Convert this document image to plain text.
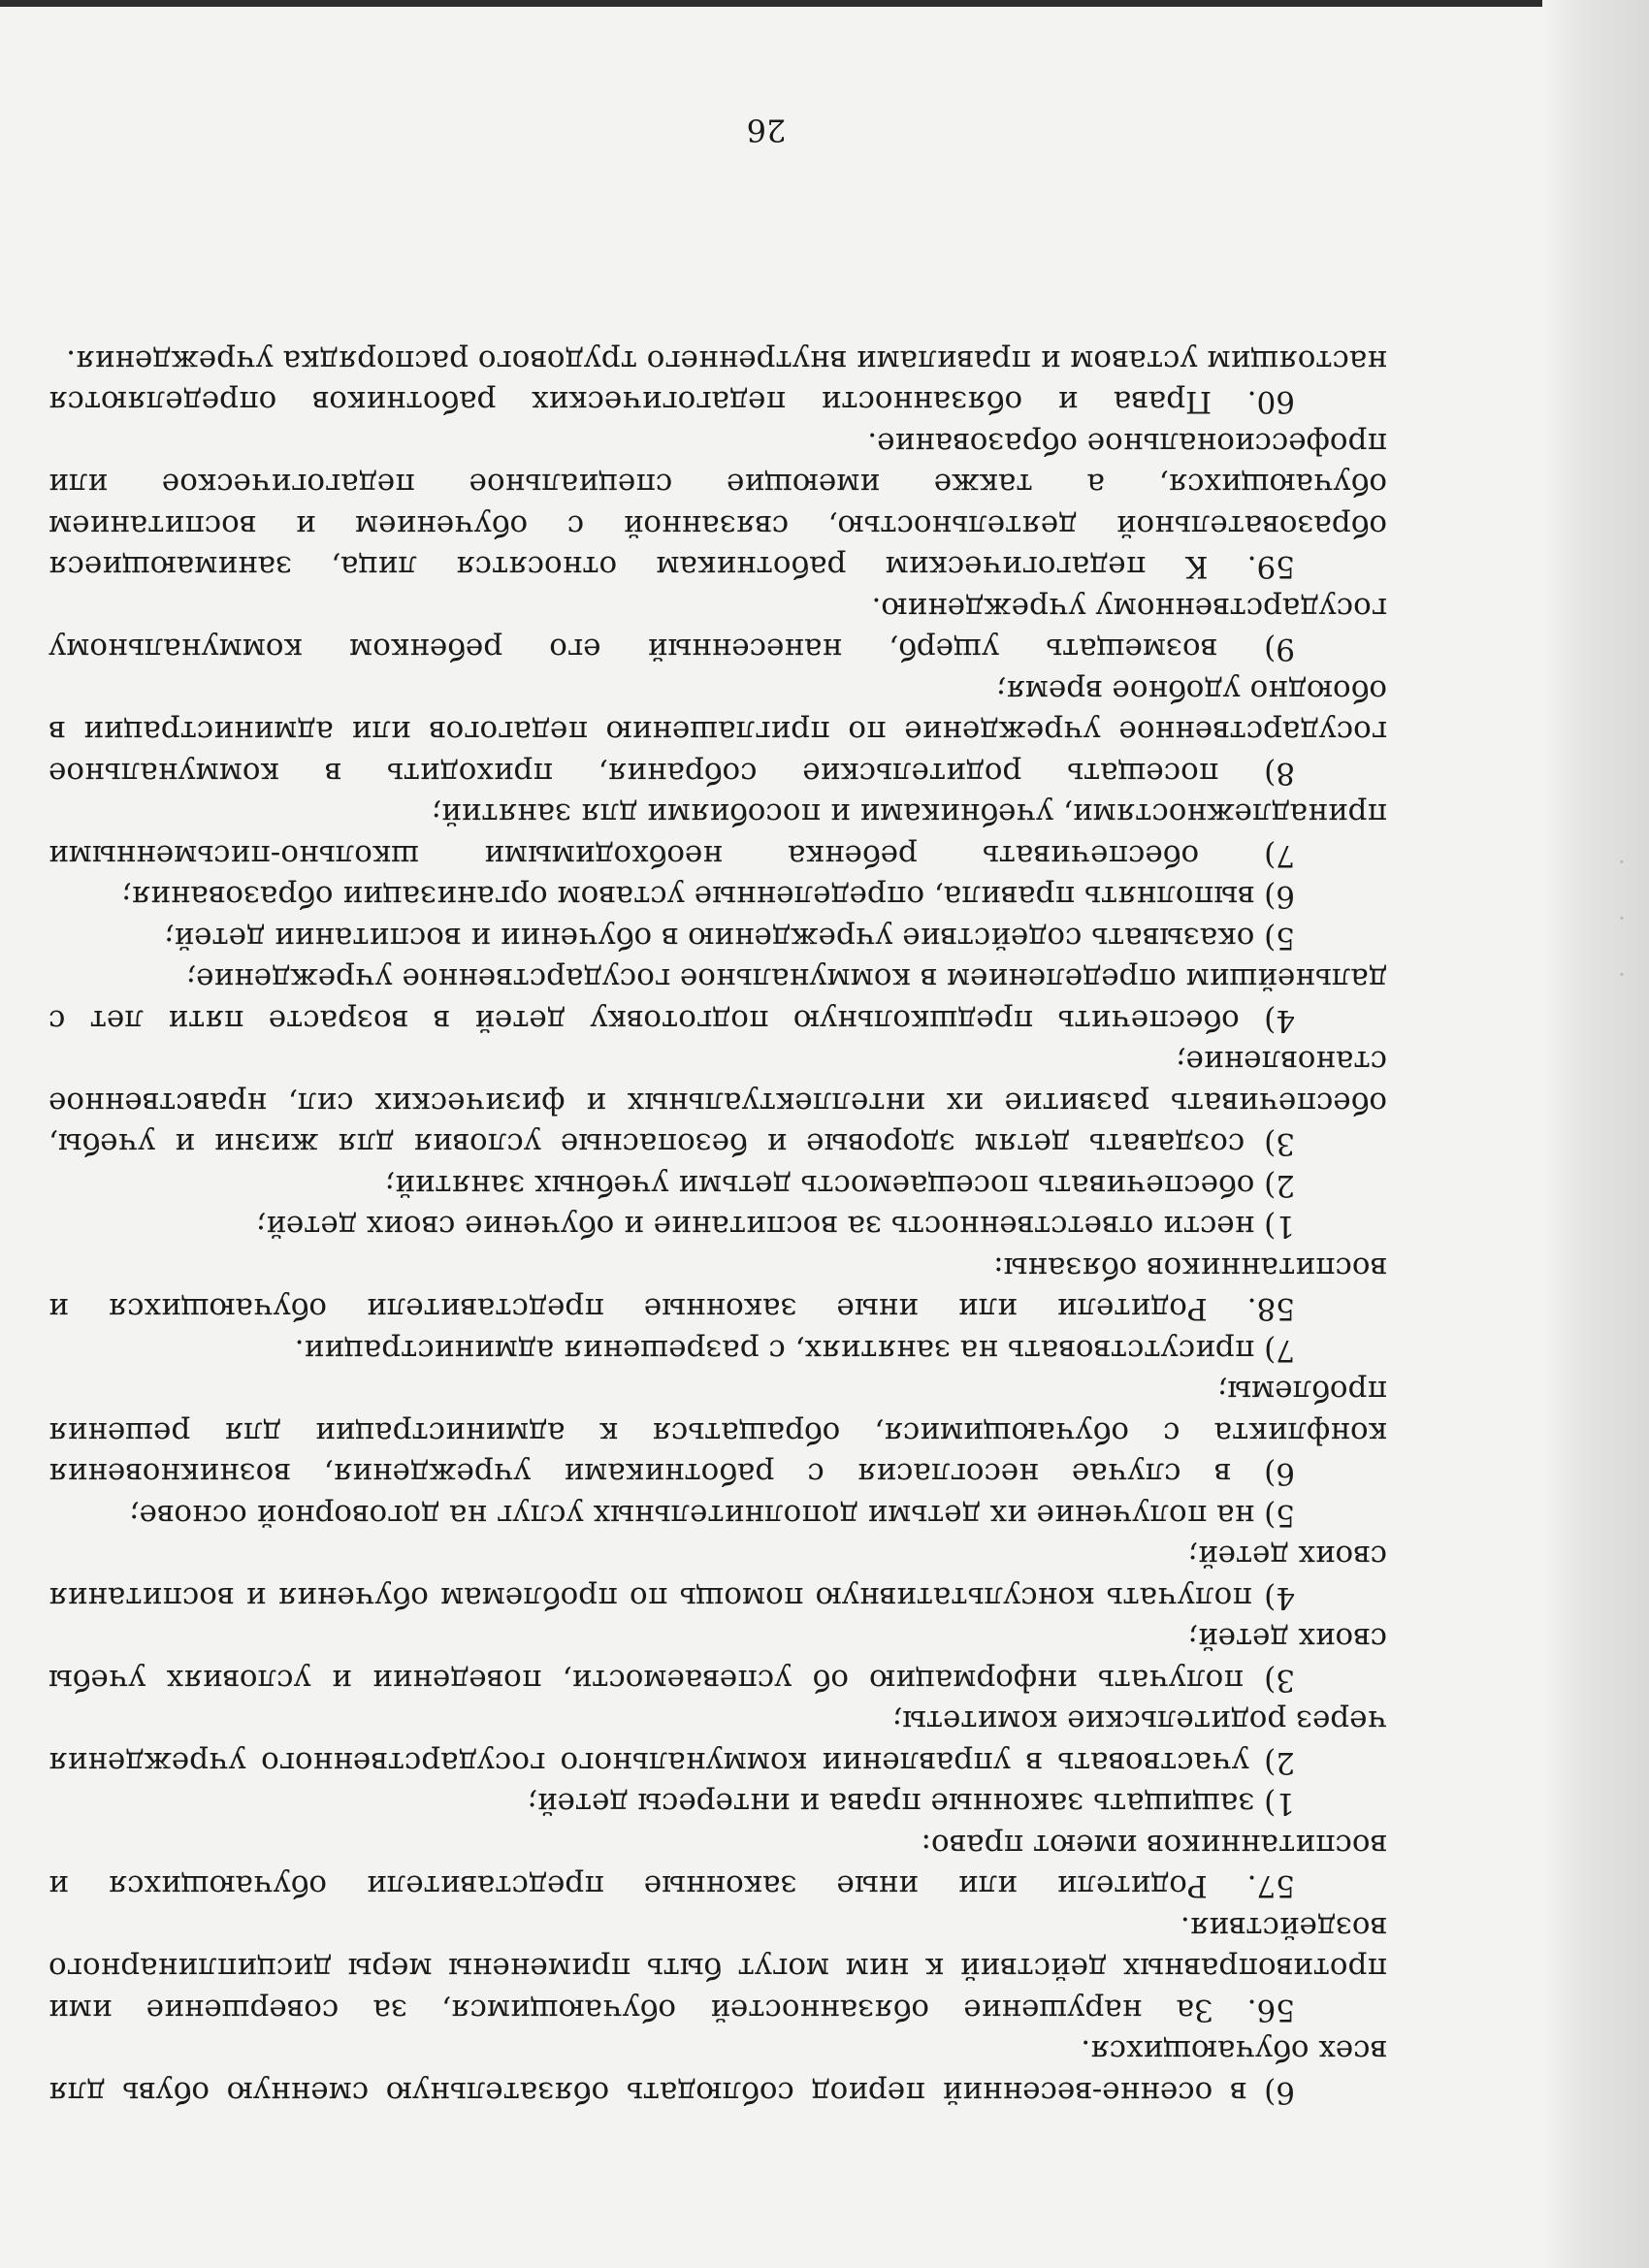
·
·
·

6) в осенне-весенний период соблюдать обязательную сменную обувь для всех обучающихся.

56. За нарушение обязанностей обучающимся, за совершение ими противоправных действий к ним могут быть применены меры дисциплинарного воздействия.

57. Родители или иные законные представители обучающихся и воспитанников имеют право:

1) защищать законные права и интересы детей;

2) участвовать в управлении коммунального государственного учреждения через родительские комитеты;

3) получать информацию об успеваемости, поведении и условиях учебы своих детей;

4) получать консультативную помощь по проблемам обучения и воспитания своих детей;

5) на получение их детьми дополнительных услуг на договорной основе;

6) в случае несогласия с работниками учреждения, возникновения конфликта с обучающимися, обращаться к администрации для решения проблемы;

7) присутствовать на занятиях, с разрешения администрации.

58. Родители или иные законные представители обучающихся и воспитанников обязаны:

1) нести ответственность за воспитание и обучение своих детей;

2) обеспечивать посещаемость детьми учебных занятий;

3) создавать детям здоровые и безопасные условия для жизни и учебы, обеспечивать развитие их интеллектуальных и физических сил, нравственное становление;

4) обеспечить предшкольную подготовку детей в возрасте пяти лет с дальнейшим определением в коммунальное государственное учреждение;

5) оказывать содействие учреждению в обучении и воспитании детей;

6) выполнять правила, определенные уставом организации образования;

7) обеспечивать ребенка необходимыми школьно-письменными принадлежностями, учебниками и пособиями для занятий;

8) посещать родительские собрания, приходить в коммунальное государственное учреждение по приглашению педагогов или администрации в обоюдно удобное время;

9) возмещать ущерб, нанесенный его ребенком коммунальному государственному учреждению.

59. К педагогическим работникам относятся лица, занимающиеся образовательной деятельностью, связанной с обучением и воспитанием обучающихся, а также имеющие специальное педагогическое или профессиональное образование.

60. Права и обязанности педагогических работников определяются настоящим уставом и правилами внутреннего трудового распорядка учреждения.

26
